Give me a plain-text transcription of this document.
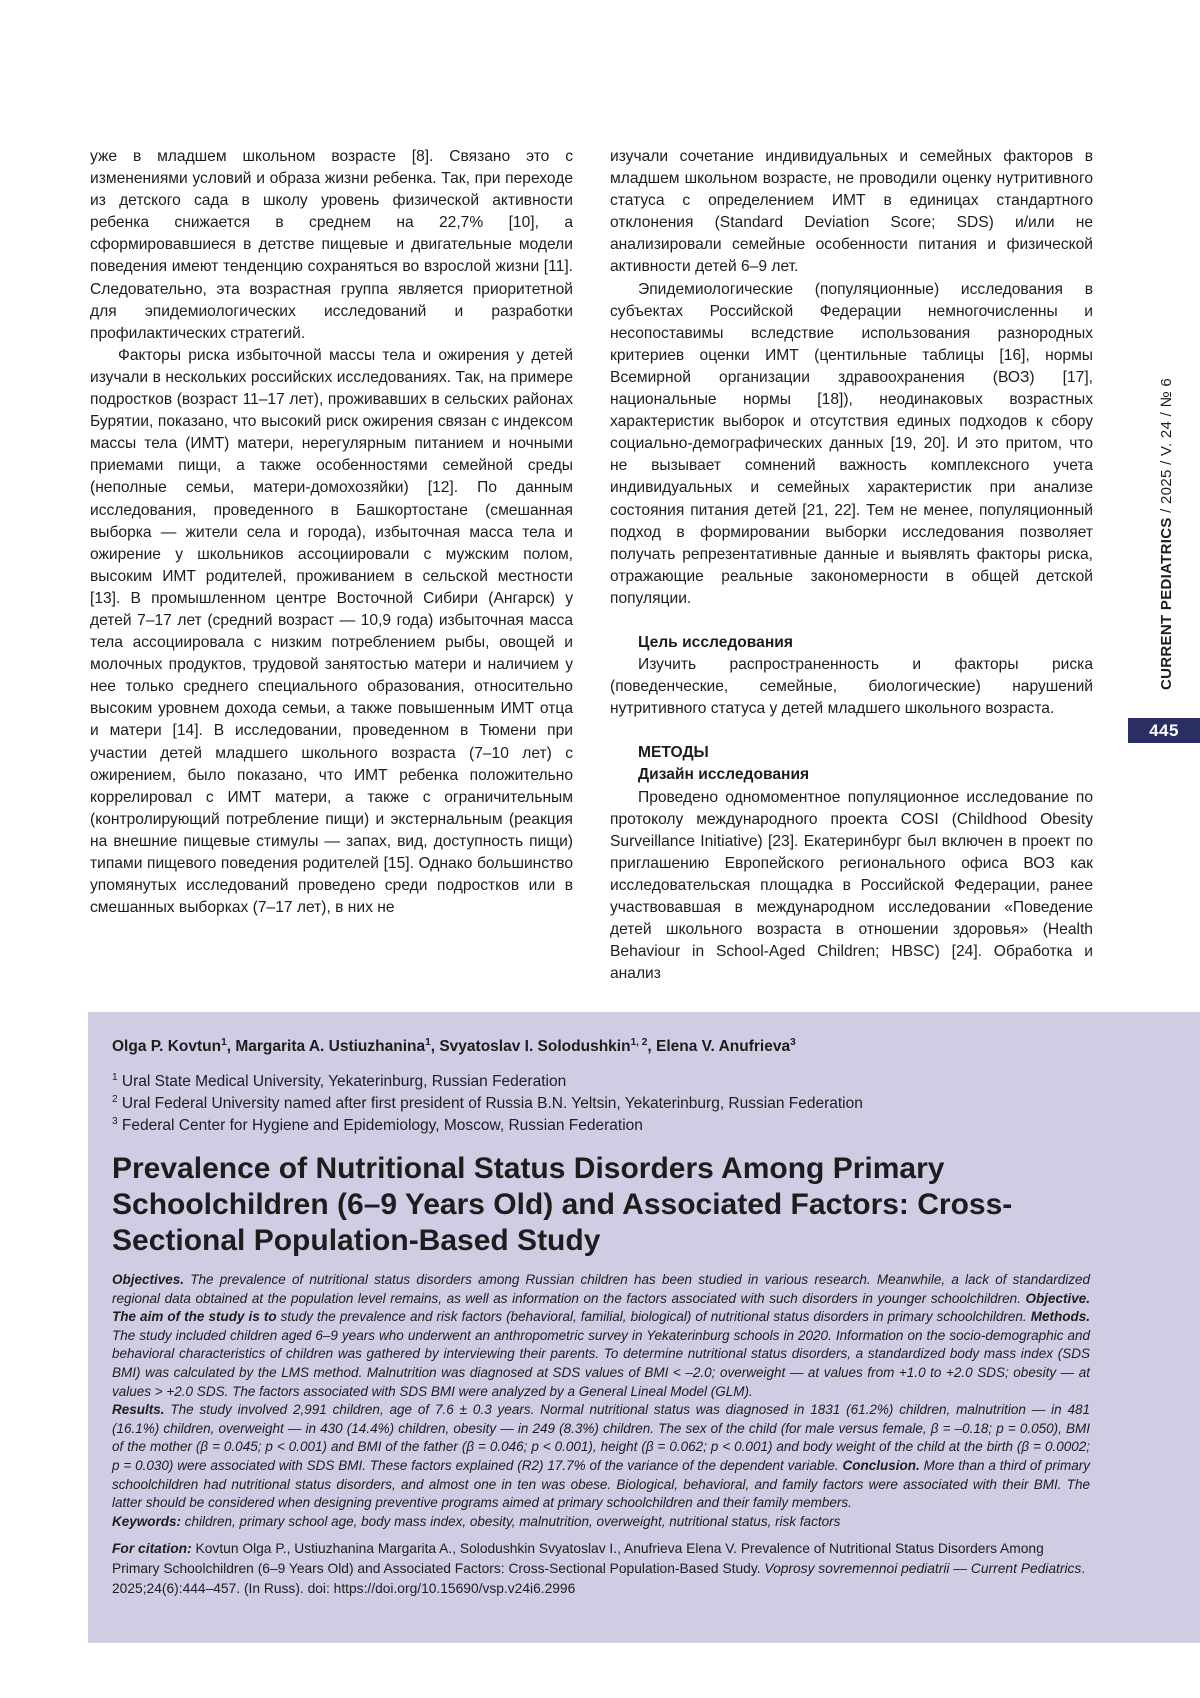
уже в младшем школьном возрасте [8]. Связано это с изменениями условий и образа жизни ребенка. Так, при переходе из детского сада в школу уровень физической активности ребенка снижается в среднем на 22,7% [10], а сформировавшиеся в детстве пищевые и двигательные модели поведения имеют тенденцию сохраняться во взрослой жизни [11]. Следовательно, эта возрастная группа является приоритетной для эпидемиологических исследований и разработки профилактических стратегий.

Факторы риска избыточной массы тела и ожирения у детей изучали в нескольких российских исследованиях. Так, на примере подростков (возраст 11–17 лет), проживавших в сельских районах Бурятии, показано, что высокий риск ожирения связан с индексом массы тела (ИМТ) матери, нерегулярным питанием и ночными приемами пищи, а также особенностями семейной среды (неполные семьи, матери-домохозяйки) [12]. По данным исследования, проведенного в Башкортостане (смешанная выборка — жители села и города), избыточная масса тела и ожирение у школьников ассоциировали с мужским полом, высоким ИМТ родителей, проживанием в сельской местности [13]. В промышленном центре Восточной Сибири (Ангарск) у детей 7–17 лет (средний возраст — 10,9 года) избыточная масса тела ассоциировала с низким потреблением рыбы, овощей и молочных продуктов, трудовой занятостью матери и наличием у нее только среднего специального образования, относительно высоким уровнем дохода семьи, а также повышенным ИМТ отца и матери [14]. В исследовании, проведенном в Тюмени при участии детей младшего школьного возраста (7–10 лет) с ожирением, было показано, что ИМТ ребенка положительно коррелировал с ИМТ матери, а также с ограничительным (контролирующий потребление пищи) и экстернальным (реакция на внешние пищевые стимулы — запах, вид, доступность пищи) типами пищевого поведения родителей [15]. Однако большинство упомянутых исследований проведено среди подростков или в смешанных выборках (7–17 лет), в них не

изучали сочетание индивидуальных и семейных факторов в младшем школьном возрасте, не проводили оценку нутритивного статуса с определением ИМТ в единицах стандартного отклонения (Standard Deviation Score; SDS) и/или не анализировали семейные особенности питания и физической активности детей 6–9 лет.

Эпидемиологические (популяционные) исследования в субъектах Российской Федерации немногочисленны и несопоставимы вследствие использования разнородных критериев оценки ИМТ (центильные таблицы [16], нормы Всемирной организации здравоохранения (ВОЗ) [17], национальные нормы [18]), неодинаковых возрастных характеристик выборок и отсутствия единых подходов к сбору социально-демографических данных [19, 20]. И это притом, что не вызывает сомнений важность комплексного учета индивидуальных и семейных характеристик при анализе состояния питания детей [21, 22]. Тем не менее, популяционный подход в формировании выборки исследования позволяет получать репрезентативные данные и выявлять факторы риска, отражающие реальные закономерности в общей детской популяции.

Цель исследования

Изучить распространенность и факторы риска (поведенческие, семейные, биологические) нарушений нутритивного статуса у детей младшего школьного возраста.

МЕТОДЫ
Дизайн исследования

Проведено одномоментное популяционное исследование по протоколу международного проекта COSI (Childhood Obesity Surveillance Initiative) [23]. Екатеринбург был включен в проект по приглашению Европейского регионального офиса ВОЗ как исследовательская площадка в Российской Федерации, ранее участвовавшая в международном исследовании «Поведение детей школьного возраста в отношении здоровья» (Health Behaviour in School-Aged Children; HBSC) [24]. Обработка и анализ

CURRENT PEDIATRICS / 2025 / V. 24 / № 6
445
Olga P. Kovtun$^1$, Margarita A. Ustiuzhanina$^1$, Svyatoslav I. Solodushkin$^{1, 2}$, Elena V. Anufrieva$^3$
$^1$ Ural State Medical University, Yekaterinburg, Russian Federation
$^2$ Ural Federal University named after first president of Russia B.N. Yeltsin, Yekaterinburg, Russian Federation
$^3$ Federal Center for Hygiene and Epidemiology, Moscow, Russian Federation
Prevalence of Nutritional Status Disorders Among Primary Schoolchildren (6–9 Years Old) and Associated Factors: Cross-Sectional Population-Based Study
Objectives. The prevalence of nutritional status disorders among Russian children has been studied in various research. Meanwhile, a lack of standardized regional data obtained at the population level remains, as well as information on the factors associated with such disorders in younger schoolchildren. Objective. The aim of the study is to study the prevalence and risk factors (behavioral, familial, biological) of nutritional status disorders in primary schoolchildren. Methods. The study included children aged 6–9 years who underwent an anthropometric survey in Yekaterinburg schools in 2020. Information on the socio-demographic and behavioral characteristics of children was gathered by interviewing their parents. To determine nutritional status disorders, a standardized body mass index (SDS BMI) was calculated by the LMS method. Malnutrition was diagnosed at SDS values of BMI < –2.0; overweight — at values from +1.0 to +2.0 SDS; obesity — at values > +2.0 SDS. The factors associated with SDS BMI were analyzed by a General Lineal Model (GLM).
Results. The study involved 2,991 children, age of 7.6 ± 0.3 years. Normal nutritional status was diagnosed in 1831 (61.2%) children, malnutrition — in 481 (16.1%) children, overweight — in 430 (14.4%) children, obesity — in 249 (8.3%) children. The sex of the child (for male versus female, β = –0.18; p = 0.050), BMI of the mother (β = 0.045; p < 0.001) and BMI of the father (β = 0.046; p < 0.001), height (β = 0.062; p < 0.001) and body weight of the child at the birth (β = 0.0002; p = 0.030) were associated with SDS BMI. These factors explained (R2) 17.7% of the variance of the dependent variable. Conclusion. More than a third of primary schoolchildren had nutritional status disorders, and almost one in ten was obese. Biological, behavioral, and family factors were associated with their BMI. The latter should be considered when designing preventive programs aimed at primary schoolchildren and their family members.
Keywords: children, primary school age, body mass index, obesity, malnutrition, overweight, nutritional status, risk factors
For citation: Kovtun Olga P., Ustiuzhanina Margarita A., Solodushkin Svyatoslav I., Anufrieva Elena V. Prevalence of Nutritional Status Disorders Among Primary Schoolchildren (6–9 Years Old) and Associated Factors: Cross-Sectional Population-Based Study. Voprosy sovremennoi pediatrii — Current Pediatrics. 2025;24(6):444–457. (In Russ). doi: https://doi.org/10.15690/vsp.v24i6.2996
